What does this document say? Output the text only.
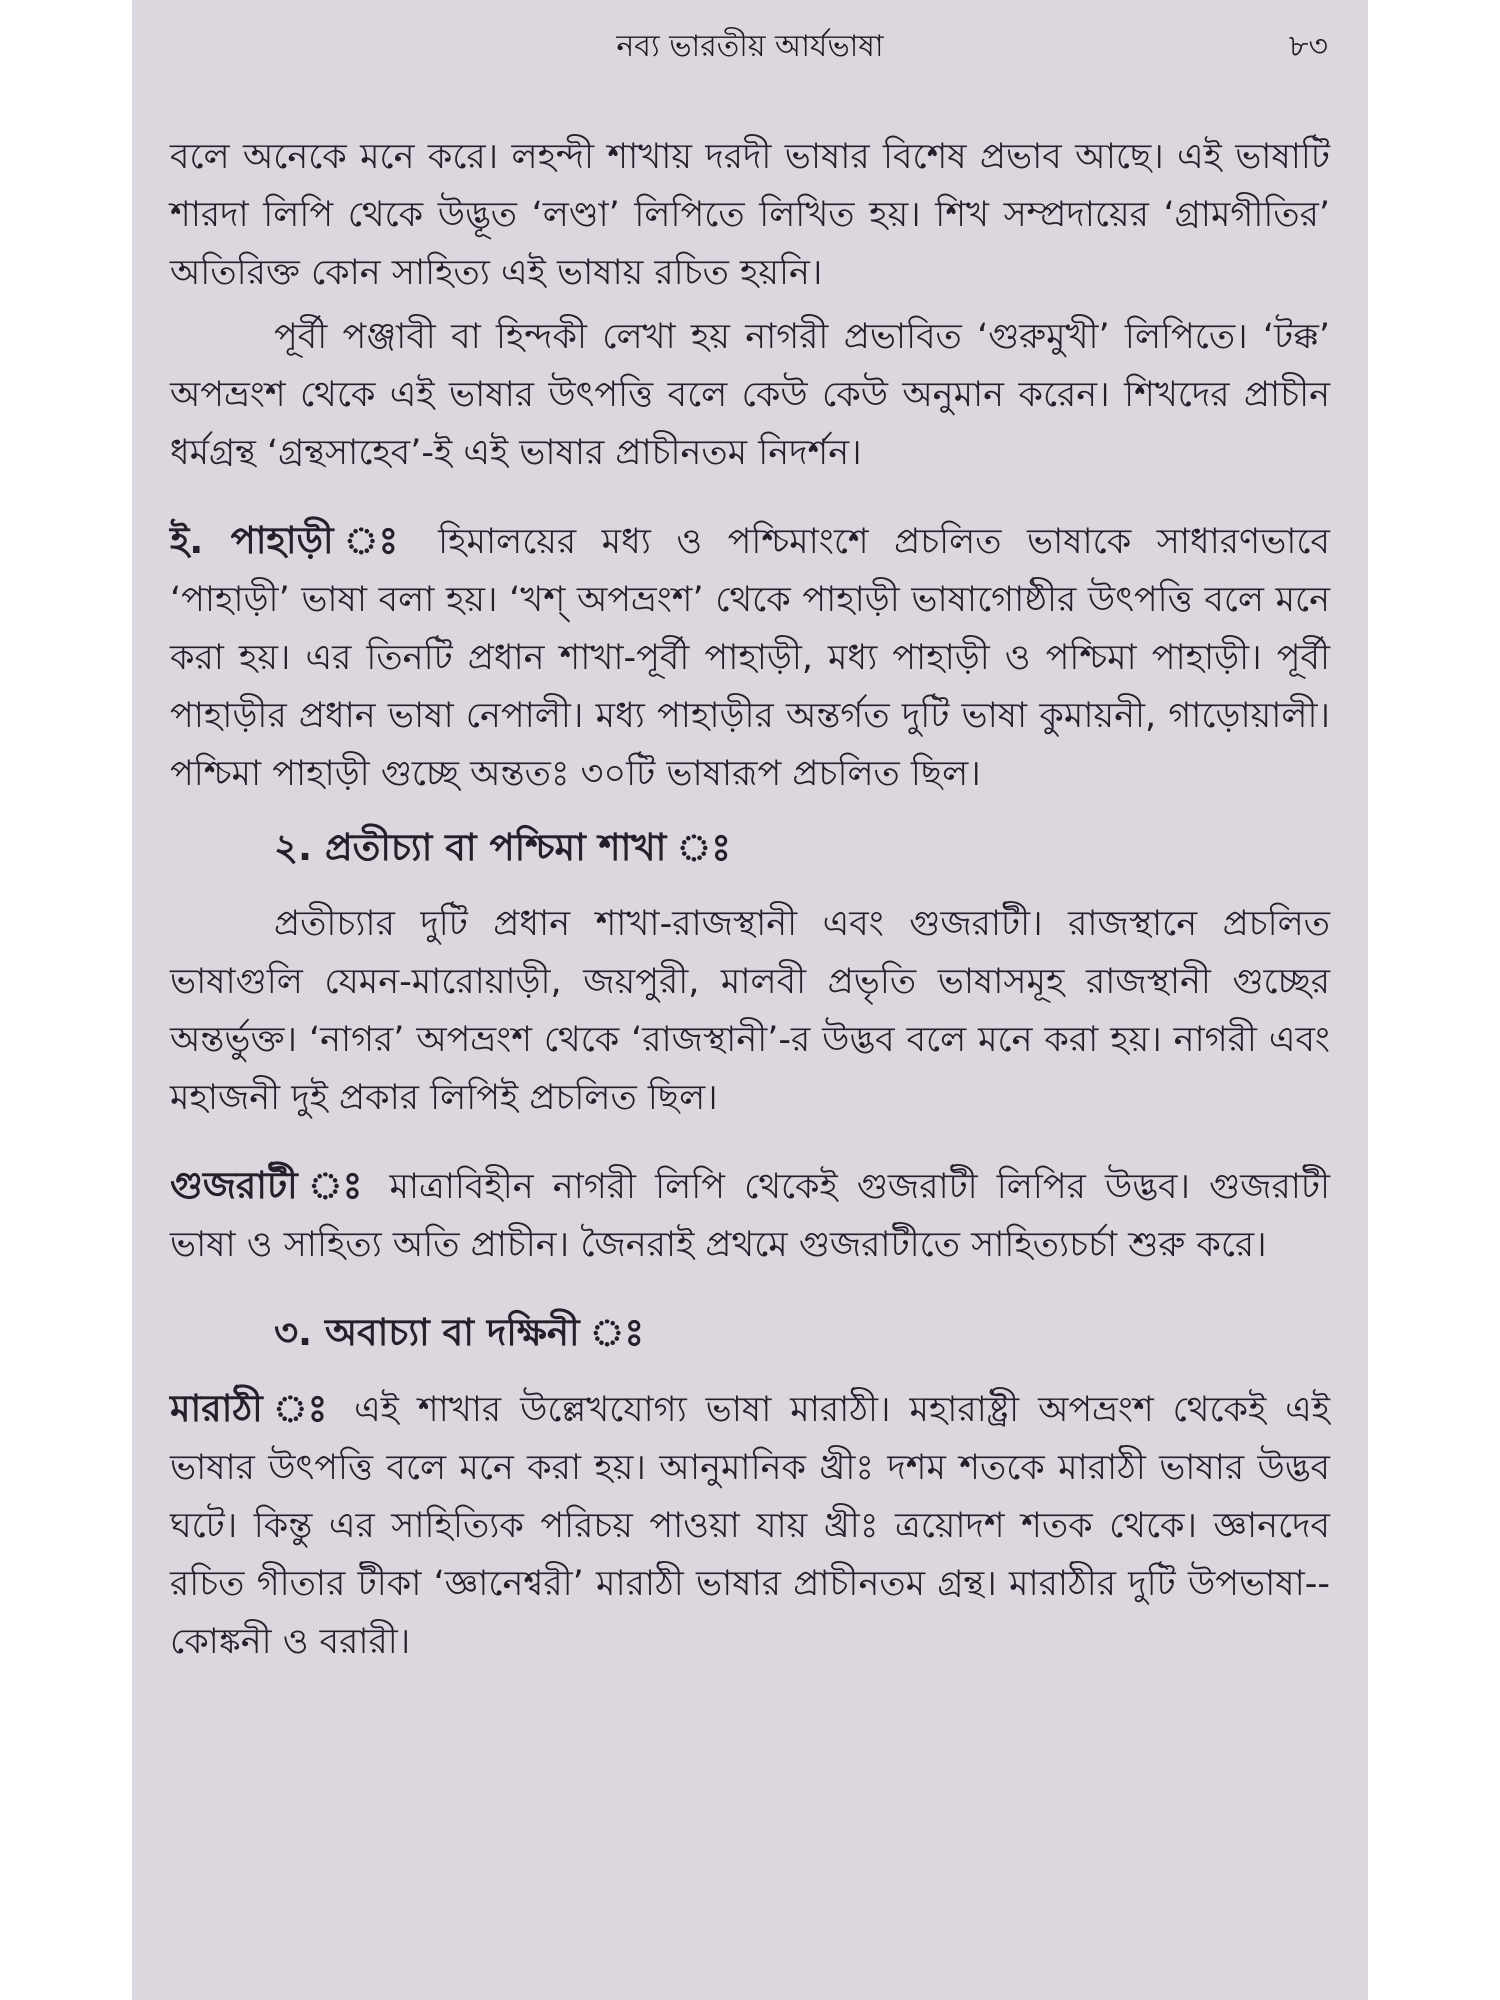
নব্য ভারতীয় আর্যভাষা	৮৩

বলে অনেকে মনে করে। লহন্দী শাখায় দরদী ভাষার বিশেষ প্রভাব আছে। এই ভাষাটি শারদা লিপি থেকে উদ্ভূত ‘লণ্ডা’ লিপিতে লিখিত হয়। শিখ সম্প্রদায়ের ‘গ্রামগীতির’ অতিরিক্ত কোন সাহিত্য এই ভাষায় রচিত হয়নি।

পূর্বী পঞ্জাবী বা হিন্দকী লেখা হয় নাগরী প্রভাবিত ‘গুরুমুখী’ লিপিতে। ‘টক্ক’ অপভ্রংশ থেকে এই ভাষার উৎপত্তি বলে কেউ কেউ অনুমান করেন। শিখদের প্রাচীন ধর্মগ্রন্থ ‘গ্রন্থসাহেব’-ই এই ভাষার প্রাচীনতম নিদর্শন।

ই. পাহাড়ী ঃ হিমালয়ের মধ্য ও পশ্চিমাংশে প্রচলিত ভাষাকে সাধারণভাবে ‘পাহাড়ী’ ভাষা বলা হয়। ‘খশ্ অপভ্রংশ’ থেকে পাহাড়ী ভাষাগোষ্ঠীর উৎপত্তি বলে মনে করা হয়। এর তিনটি প্রধান শাখা-পূর্বী পাহাড়ী, মধ্য পাহাড়ী ও পশ্চিমা পাহাড়ী। পূর্বী পাহাড়ীর প্রধান ভাষা নেপালী। মধ্য পাহাড়ীর অন্তর্গত দুটি ভাষা কুমায়নী, গাড়োয়ালী। পশ্চিমা পাহাড়ী গুচ্ছে অন্ততঃ ৩০টি ভাষারূপ প্রচলিত ছিল।

২. প্রতীচ্যা বা পশ্চিমা শাখা ঃ

প্রতীচ্যার দুটি প্রধান শাখা-রাজস্থানী এবং গুজরাটী। রাজস্থানে প্রচলিত ভাষাগুলি যেমন-মারোয়াড়ী, জয়পুরী, মালবী প্রভৃতি ভাষাসমূহ রাজস্থানী গুচ্ছের অন্তর্ভুক্ত। ‘নাগর’ অপভ্রংশ থেকে ‘রাজস্থানী’-র উদ্ভব বলে মনে করা হয়। নাগরী এবং মহাজনী দুই প্রকার লিপিই প্রচলিত ছিল।

গুজরাটী ঃ মাত্রাবিহীন নাগরী লিপি থেকেই গুজরাটী লিপির উদ্ভব। গুজরাটী ভাষা ও সাহিত্য অতি প্রাচীন। জৈনরাই প্রথমে গুজরাটীতে সাহিত্যচর্চা শুরু করে।

৩. অবাচ্যা বা দক্ষিনী ঃ

মারাঠী ঃ এই শাখার উল্লেখযোগ্য ভাষা মারাঠী। মহারাষ্ট্রী অপভ্রংশ থেকেই এই ভাষার উৎপত্তি বলে মনে করা হয়। আনুমানিক খ্রীঃ দশম শতকে মারাঠী ভাষার উদ্ভব ঘটে। কিন্তু এর সাহিত্যিক পরিচয় পাওয়া যায় খ্রীঃ ত্রয়োদশ শতক থেকে। জ্ঞানদেব রচিত গীতার টীকা ‘জ্ঞানেশ্বরী’ মারাঠী ভাষার প্রাচীনতম গ্রন্থ। মারাঠীর দুটি উপভাষা--কোঙ্কনী ও বরারী।
